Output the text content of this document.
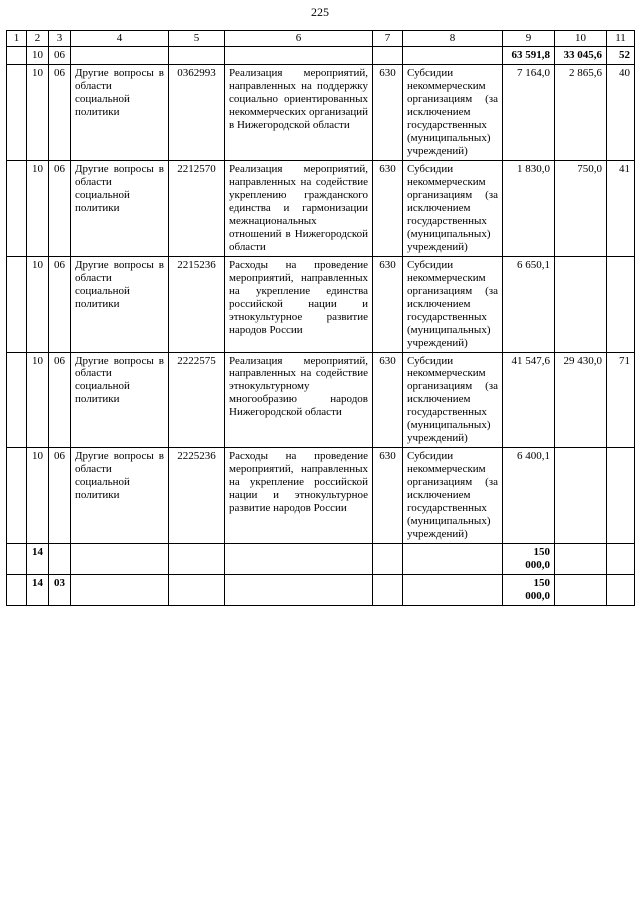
225
1	2	3	4	5	6	7	8	9	10	11
	10	06						63 591,8	33 045,6	52
	10	06	Другие вопросы в области социальной политики	0362993	Реализация мероприятий, направленных на поддержку социально ориентированных некоммерческих организаций в Нижегородской области	630	Субсидии некоммерческим организациям (за исключением государственных (муниципальных) учреждений)	7 164,0	2 865,6	40
	10	06	Другие вопросы в области социальной политики	2212570	Реализация мероприятий, направленных на содействие укреплению гражданского единства и гармонизации межнациональных отношений в Нижегородской области	630	Субсидии некоммерческим организациям (за исключением государственных (муниципальных) учреждений)	1 830,0	750,0	41
	10	06	Другие вопросы в области социальной политики	2215236	Расходы на проведение мероприятий, направленных на укрепление единства российской нации и этнокультурное развитие народов России	630	Субсидии некоммерческим организациям (за исключением государственных (муниципальных) учреждений)	6 650,1		
	10	06	Другие вопросы в области социальной политики	2222575	Реализация мероприятий, направленных на содействие этнокультурному многообразию народов Нижегородской области	630	Субсидии некоммерческим организациям (за исключением государственных (муниципальных) учреждений)	41 547,6	29 430,0	71
	10	06	Другие вопросы в области социальной политики	2225236	Расходы на проведение мероприятий, направленных на укрепление российской нации и этнокультурное развитие народов России	630	Субсидии некоммерческим организациям (за исключением государственных (муниципальных) учреждений)	6 400,1		
	14							150 000,0		
	14	03						150 000,0		
